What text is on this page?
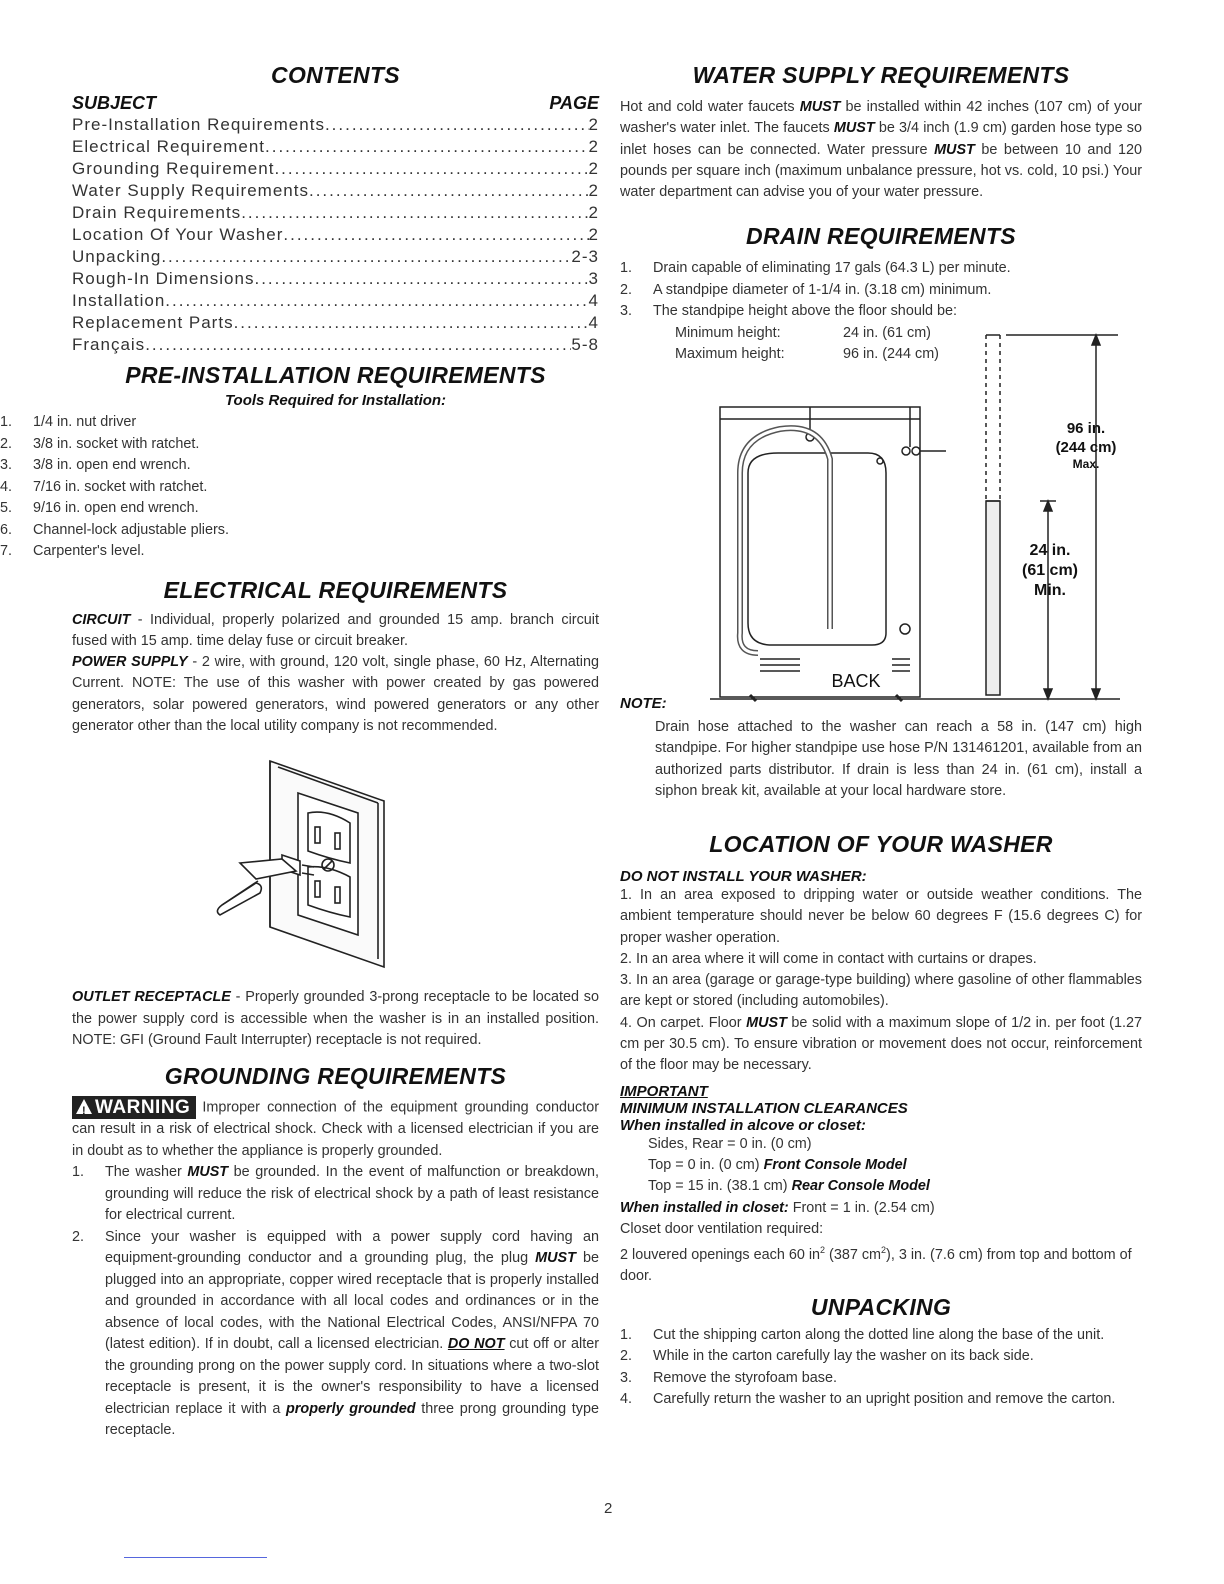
CONTENTS
SUBJECT	PAGE
Pre-Installation Requirements .....	2
Electrical Requirement .....	2
Grounding Requirement .....	2
Water Supply Requirements .....	2
Drain Requirements .....	2
Location Of Your Washer .....	2
Unpacking .....	2-3
Rough-In Dimensions .....	3
Installation .....	4
Replacement Parts .....	4
Français .....	5-8
PRE-INSTALLATION REQUIREMENTS
Tools Required for Installation:
1.	1/4 in. nut driver
2.	3/8 in. socket with ratchet.
3.	3/8 in. open end wrench.
4.	7/16 in. socket with ratchet.
5.	9/16 in. open end wrench.
6.	Channel-lock adjustable pliers.
7.	Carpenter's level.
ELECTRICAL REQUIREMENTS

CIRCUIT - Individual, properly polarized and grounded 15 amp. branch circuit fused with 15 amp. time delay fuse or circuit breaker.

POWER SUPPLY - 2 wire, with ground, 120 volt, single phase, 60 Hz, Alternating Current. NOTE: The use of this washer with power created by gas powered generators, solar powered generators, wind powered generators or any other generator other than the local utility company is not recommended.

OUTLET RECEPTACLE - Properly grounded 3-prong receptacle to be located so the power supply cord is accessible when the washer is in an installed position. NOTE: GFI (Ground Fault Interrupter) receptacle is not required.

GROUNDING REQUIREMENTS

!WARNING Improper connection of the equipment grounding conductor can result in a risk of electrical shock. Check with a licensed electrician if you are in doubt as to whether the appliance is properly grounded.

1.	The washer MUST be grounded. In the event of malfunction or breakdown, grounding will reduce the risk of electrical shock by a path of least resistance for electrical current.
2.	Since your washer is equipped with a power supply cord having an equipment-grounding conductor and a grounding plug, the plug MUST be plugged into an appropriate, copper wired receptacle that is properly installed and grounded in accordance with all local codes and ordinances or in the absence of local codes, with the National Electrical Codes, ANSI/NFPA 70 (latest edition). If in doubt, call a licensed electrician. DO NOT cut off or alter the grounding prong on the power supply cord. In situations where a two-slot receptacle is present, it is the owner's responsibility to have a licensed electrician replace it with a properly grounded three prong grounding type receptacle.
WATER SUPPLY REQUIREMENTS

Hot and cold water faucets MUST be installed within 42 inches (107 cm) of your washer's water inlet. The faucets MUST be 3/4 inch (1.9 cm) garden hose type so inlet hoses can be connected. Water pressure MUST be between 10 and 120 pounds per square inch (maximum unbalance pressure, hot vs. cold, 10 psi.) Your water department can advise you of your water pressure.

DRAIN REQUIREMENTS
1.	Drain capable of eliminating 17 gals (64.3 L) per minute.
2.	A standpipe diameter of 1-1/4 in. (3.18 cm) minimum.
3.	The standpipe height above the floor should be:
Minimum height:	24 in. (61 cm)
Maximum height:	96 in. (244 cm)
96 in.
(244 cm)
Max.
24 in.
(61 cm)
Min.
BACK
NOTE:

Drain hose attached to the washer can reach a 58 in. (147 cm) high standpipe. For higher standpipe use hose P/N 131461201, available from an authorized parts distributor. If drain is less than 24 in. (61 cm), install a siphon break kit, available at your local hardware store.

LOCATION OF YOUR WASHER
DO NOT INSTALL YOUR WASHER:

1. In an area exposed to dripping water or outside weather conditions. The ambient temperature should never be below 60 degrees F (15.6 degrees C) for proper washer operation.

2. In an area where it will come in contact with curtains or drapes.

3. In an area (garage or garage-type building) where gasoline of other flammables are kept or stored (including automobiles).

4. On carpet. Floor MUST be solid with a maximum slope of 1/2 in. per foot (1.27 cm per 30.5 cm). To ensure vibration or movement does not occur, reinforcement of the floor may be necessary.

IMPORTANT
MINIMUM INSTALLATION CLEARANCES
When installed in alcove or closet:

Sides, Rear = 0 in. (0 cm)

Top = 0 in. (0 cm) Front Console Model

Top = 15 in. (38.1 cm) Rear Console Model

When installed in closet: Front = 1 in. (2.54 cm)

Closet door ventilation required:

2 louvered openings each 60 $in^2$ (387 $cm^2$), 3 in. (7.6 cm) from top and bottom of door.

UNPACKING
1.	Cut the shipping carton along the dotted line along the base of the unit.
2.	While in the carton carefully lay the washer on its back side.
3.	Remove the styrofoam base.
4.	Carefully return the washer to an upright position and remove the carton.
2
